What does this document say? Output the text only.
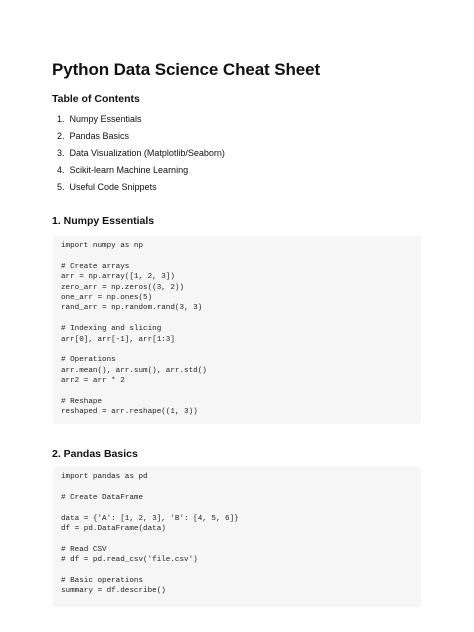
Python Data Science Cheat Sheet
Table of Contents
1. Numpy Essentials
2. Pandas Basics
3. Data Visualization (Matplotlib/Seaborn)
4. Scikit-learn Machine Learning
5. Useful Code Snippets
1. Numpy Essentials
import numpy as np
# Create arrays
arr = np.array([1, 2, 3])
zero_arr = np.zeros((3, 2))
one_arr = np.ones(5)
rand_arr = np.random.rand(3, 3)
# Indexing and slicing
arr[0], arr[-1], arr[1:3]
# Operations
arr.mean(), arr.sum(), arr.std()
arr2 = arr * 2
# Reshape
reshaped = arr.reshape((1, 3))
2. Pandas Basics
import pandas as pd
# Create DataFrame
data = {'A': [1, 2, 3], 'B': [4, 5, 6]}
df = pd.DataFrame(data)
# Read CSV
# df = pd.read_csv('file.csv')
# Basic operations
summary = df.describe()
